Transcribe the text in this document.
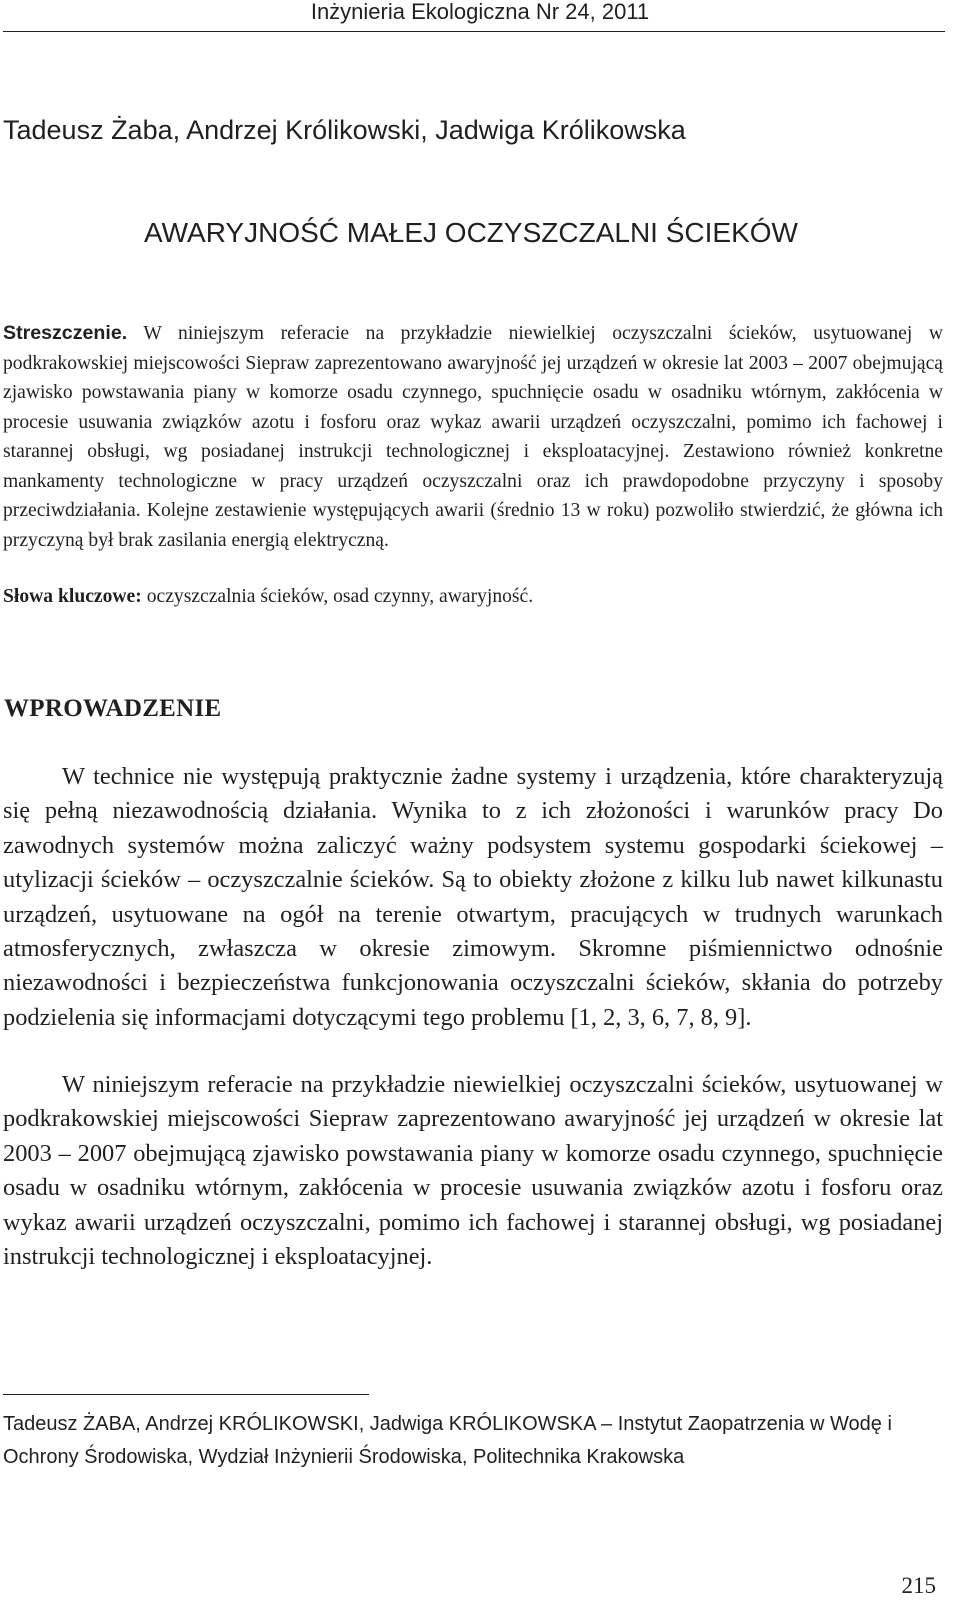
Inżynieria Ekologiczna Nr 24, 2011
Tadeusz Żaba, Andrzej Królikowski, Jadwiga Królikowska
AWARYJNOŚĆ MAŁEJ OCZYSZCZALNI ŚCIEKÓW

Streszczenie. W niniejszym referacie na przykładzie niewielkiej oczyszczalni ścieków, usytuowanej w podkrakowskiej miejscowości Siepraw zaprezentowano awaryjność jej urządzeń w okresie lat 2003 – 2007 obejmującą zjawisko powstawania piany w komorze osadu czynnego, spuchnięcie osadu w osadniku wtórnym, zakłócenia w procesie usuwania związków azotu i fosforu oraz wykaz awarii urządzeń oczyszczalni, pomimo ich fachowej i starannej obsługi, wg posiadanej instrukcji technologicznej i eksploatacyjnej. Zestawiono również konkretne mankamenty technologiczne w pracy urządzeń oczyszczalni oraz ich prawdopodobne przyczyny i sposoby przeciwdziałania. Kolejne zestawienie występujących awarii (średnio 13 w roku) pozwoliło stwierdzić, że główna ich przyczyną był brak zasilania energią elektryczną.

Słowa kluczowe: oczyszczalnia ścieków, osad czynny, awaryjność.

WPROWADZENIE

W technice nie występują praktycznie żadne systemy i urządzenia, które charakteryzują się pełną niezawodnością działania. Wynika to z ich złożoności i warunków pracy Do zawodnych systemów można zaliczyć ważny podsystem systemu gospodarki ściekowej – utylizacji ścieków – oczyszczalnie ścieków. Są to obiekty złożone z kilku lub nawet kilkunastu urządzeń, usytuowane na ogół na terenie otwartym, pracujących w trudnych warunkach atmosferycznych, zwłaszcza w okresie zimowym. Skromne piśmiennictwo odnośnie niezawodności i bezpieczeństwa funkcjonowania oczyszczalni ścieków, skłania do potrzeby podzielenia się informacjami dotyczącymi tego problemu [1, 2, 3, 6, 7, 8, 9].

W niniejszym referacie na przykładzie niewielkiej oczyszczalni ścieków, usytuowanej w podkrakowskiej miejscowości Siepraw zaprezentowano awaryjność jej urządzeń w okresie lat 2003 – 2007 obejmującą zjawisko powstawania piany w komorze osadu czynnego, spuchnięcie osadu w osadniku wtórnym, zakłócenia w procesie usuwania związków azotu i fosforu oraz wykaz awarii urządzeń oczyszczalni, pomimo ich fachowej i starannej obsługi, wg posiadanej instrukcji technologicznej i eksploatacyjnej.

Tadeusz ŻABA, Andrzej KRÓLIKOWSKI, Jadwiga KRÓLIKOWSKA – Instytut Zaopatrzenia w Wodę i Ochrony Środowiska, Wydział Inżynierii Środowiska, Politechnika Krakowska

215
